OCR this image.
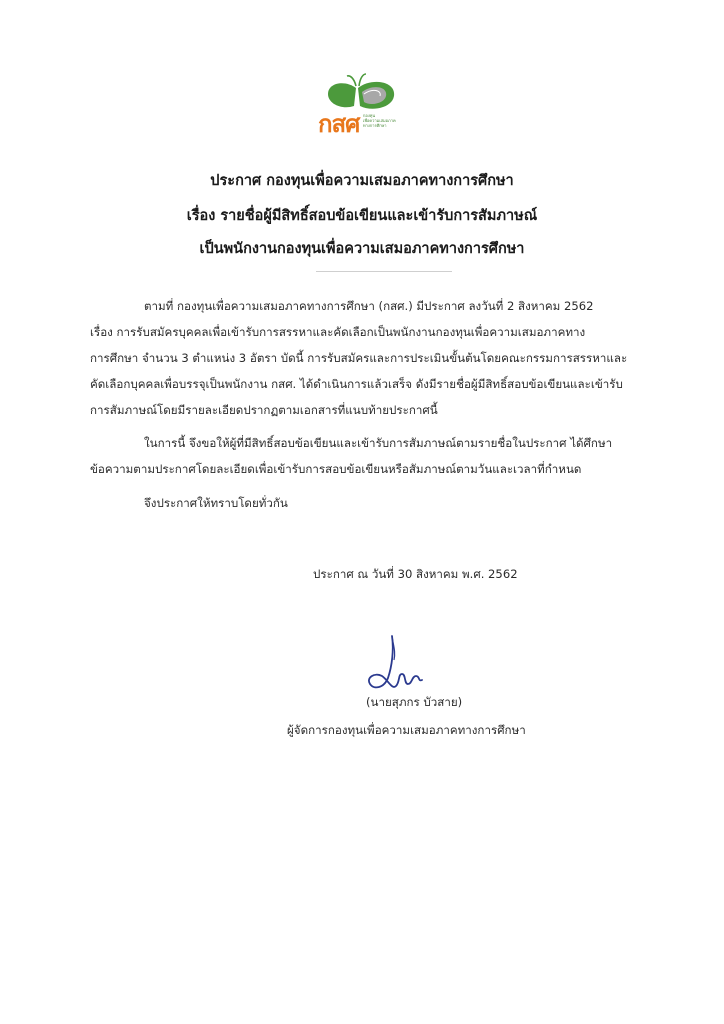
กสศ กองทุน
เพื่อความเสมอภาค
ทางการศึกษา
ประกาศ กองทุนเพื่อความเสมอภาคทางการศึกษา
เรื่อง รายชื่อผู้มีสิทธิ์สอบข้อเขียนและเข้ารับการสัมภาษณ์
เป็นพนักงานกองทุนเพื่อความเสมอภาคทางการศึกษา
ตามที่ กองทุนเพื่อความเสมอภาคทางการศึกษา (กสศ.) มีประกาศ ลงวันที่ 2 สิงหาคม 2562
เรื่อง การรับสมัครบุคคลเพื่อเข้ารับการสรรหาและคัดเลือกเป็นพนักงานกองทุนเพื่อความเสมอภาคทาง
การศึกษา จำนวน 3 ตำแหน่ง 3 อัตรา บัดนี้ การรับสมัครและการประเมินขั้นต้นโดยคณะกรรมการสรรหาและ
คัดเลือกบุคคลเพื่อบรรจุเป็นพนักงาน กสศ. ได้ดำเนินการแล้วเสร็จ ดังมีรายชื่อผู้มีสิทธิ์สอบข้อเขียนและเข้ารับ
การสัมภาษณ์โดยมีรายละเอียดปรากฏตามเอกสารที่แนบท้ายประกาศนี้
ในการนี้ จึงขอให้ผู้ที่มีสิทธิ์สอบข้อเขียนและเข้ารับการสัมภาษณ์ตามรายชื่อในประกาศ ได้ศึกษา
ข้อความตามประกาศโดยละเอียดเพื่อเข้ารับการสอบข้อเขียนหรือสัมภาษณ์ตามวันและเวลาที่กำหนด
จึงประกาศให้ทราบโดยทั่วกัน
ประกาศ ณ วันที่ 30 สิงหาคม พ.ศ. 2562
(นายสุภกร บัวสาย)
ผู้จัดการกองทุนเพื่อความเสมอภาคทางการศึกษา
